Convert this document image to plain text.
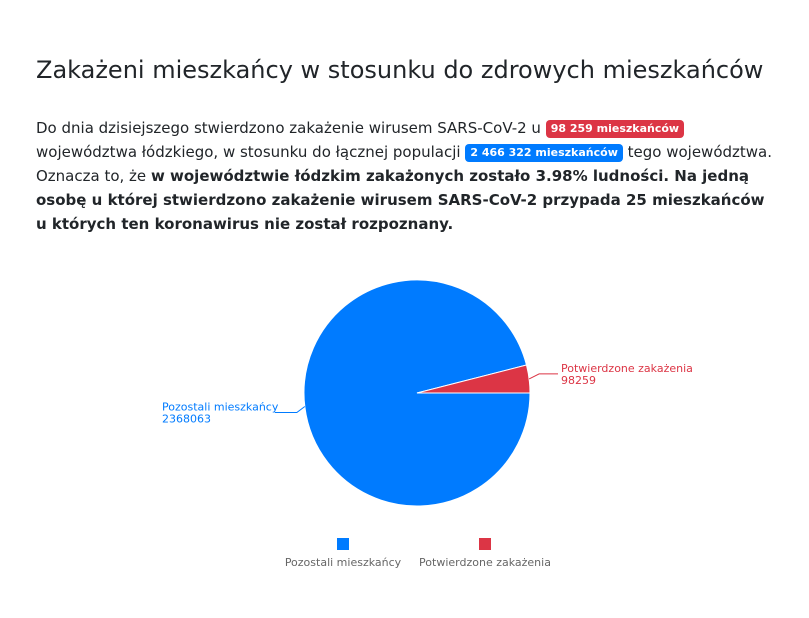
Zakażeni mieszkańcy w stosunku do zdrowych mieszkańców

Do dnia dzisiejszego stwierdzono zakażenie wirusem SARS-CoV-2 u 98 259 mieszkańców województwa łódzkiego, w stosunku do łącznej populacji 2 466 322 mieszkańców tego województwa. Oznacza to, że w województwie łódzkim zakażonych zostało 3.98% ludności. Na jedną osobę u której stwierdzono zakażenie wirusem SARS-CoV-2 przypada 25 mieszkańców u których ten koronawirus nie został rozpoznany.

Potwierdzone zakażenia
98259
Pozostali mieszkańcy
2368063
Pozostali mieszkańcy Potwierdzone zakażenia
